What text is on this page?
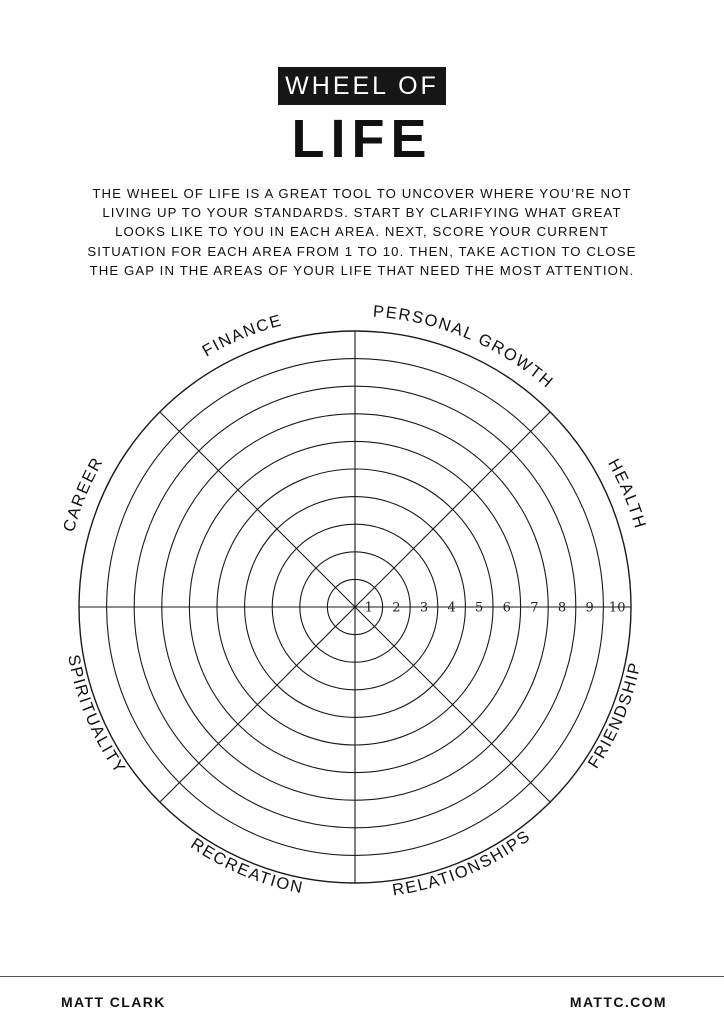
WHEEL OF
LIFE
THE WHEEL OF LIFE IS A GREAT TOOL TO UNCOVER WHERE YOU’RE NOT
LIVING UP TO YOUR STANDARDS. START BY CLARIFYING WHAT GREAT
LOOKS LIKE TO YOU IN EACH AREA. NEXT, SCORE YOUR CURRENT
SITUATION FOR EACH AREA FROM 1 TO 10. THEN, TAKE ACTION TO CLOSE
THE GAP IN THE AREAS OF YOUR LIFE THAT NEED THE MOST ATTENTION.
1 2 3 4 5 6 7 8 9 10
PERSONAL GROWTH
HEALTH
FRIENDSHIP
RELATIONSHIPS
RECREATION
SPIRITUALITY
CAREER
FINANCE
MATT CLARK	MATTC.COM
